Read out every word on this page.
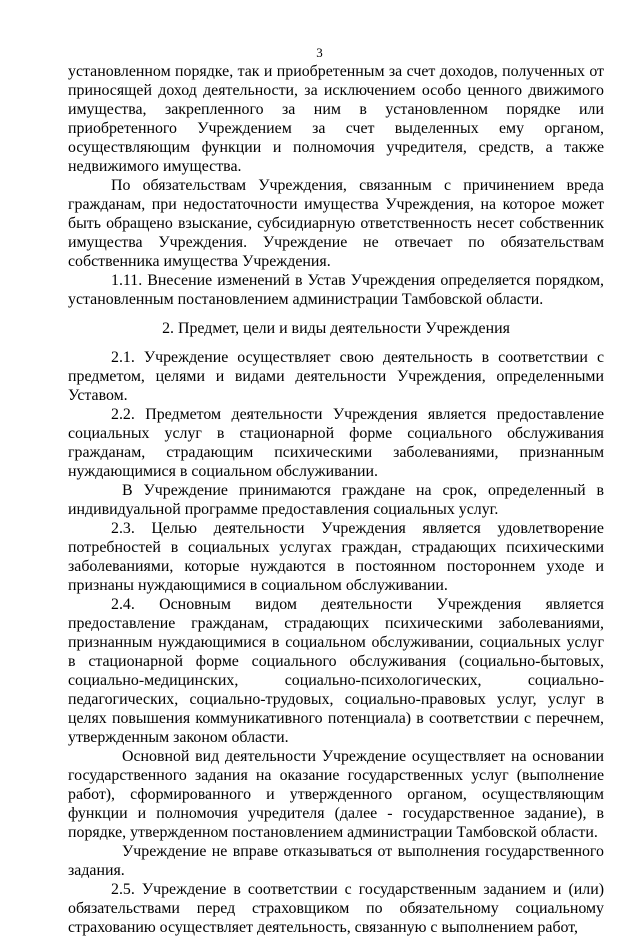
3

установленном порядке, так и приобретенным за счет доходов, полученных от приносящей доход деятельности, за исключением особо ценного движимого имущества, закрепленного за ним в установленном порядке или приобретенного Учреждением за счет выделенных ему органом, осуществляющим функции и полномочия учредителя, средств, а также недвижимого имущества.

По обязательствам Учреждения, связанным с причинением вреда гражданам, при недостаточности имущества Учреждения, на которое может быть обращено взыскание, субсидиарную ответственность несет собственник имущества Учреждения. Учреждение не отвечает по обязательствам собственника имущества Учреждения.

1.11. Внесение изменений в Устав Учреждения определяется порядком, установленным постановлением администрации Тамбовской области.

2. Предмет, цели и виды деятельности Учреждения

2.1. Учреждение осуществляет свою деятельность в соответствии с предметом, целями и видами деятельности Учреждения, определенными Уставом.

2.2. Предметом деятельности Учреждения является предоставление социальных услуг в стационарной форме социального обслуживания гражданам, страдающим психическими заболеваниями, признанным нуждающимися в социальном обслуживании.

В Учреждение принимаются граждане на срок, определенный в индивидуальной программе предоставления социальных услуг.

2.3. Целью деятельности Учреждения является удовлетворение потребностей в социальных услугах граждан, страдающих психическими заболеваниями, которые нуждаются в постоянном постороннем уходе и признаны нуждающимися в социальном обслуживании.

2.4. Основным видом деятельности Учреждения является предоставление гражданам, страдающих психическими заболеваниями, признанным нуждающимися в социальном обслуживании, социальных услуг в стационарной форме социального обслуживания (социально-бытовых, социально-медицинских, социально-психологических, социально-педагогических, социально-трудовых, социально-правовых услуг, услуг в целях повышения коммуникативного потенциала) в соответствии с перечнем, утвержденным законом области.

Основной вид деятельности Учреждение осуществляет на основании государственного задания на оказание государственных услуг (выполнение работ), сформированного и утвержденного органом, осуществляющим функции и полномочия учредителя (далее - государственное задание), в порядке, утвержденном постановлением администрации Тамбовской области.

Учреждение не вправе отказываться от выполнения государственного задания.

2.5. Учреждение в соответствии с государственным заданием и (или) обязательствами перед страховщиком по обязательному социальному страхованию осуществляет деятельность, связанную с выполнением работ,
